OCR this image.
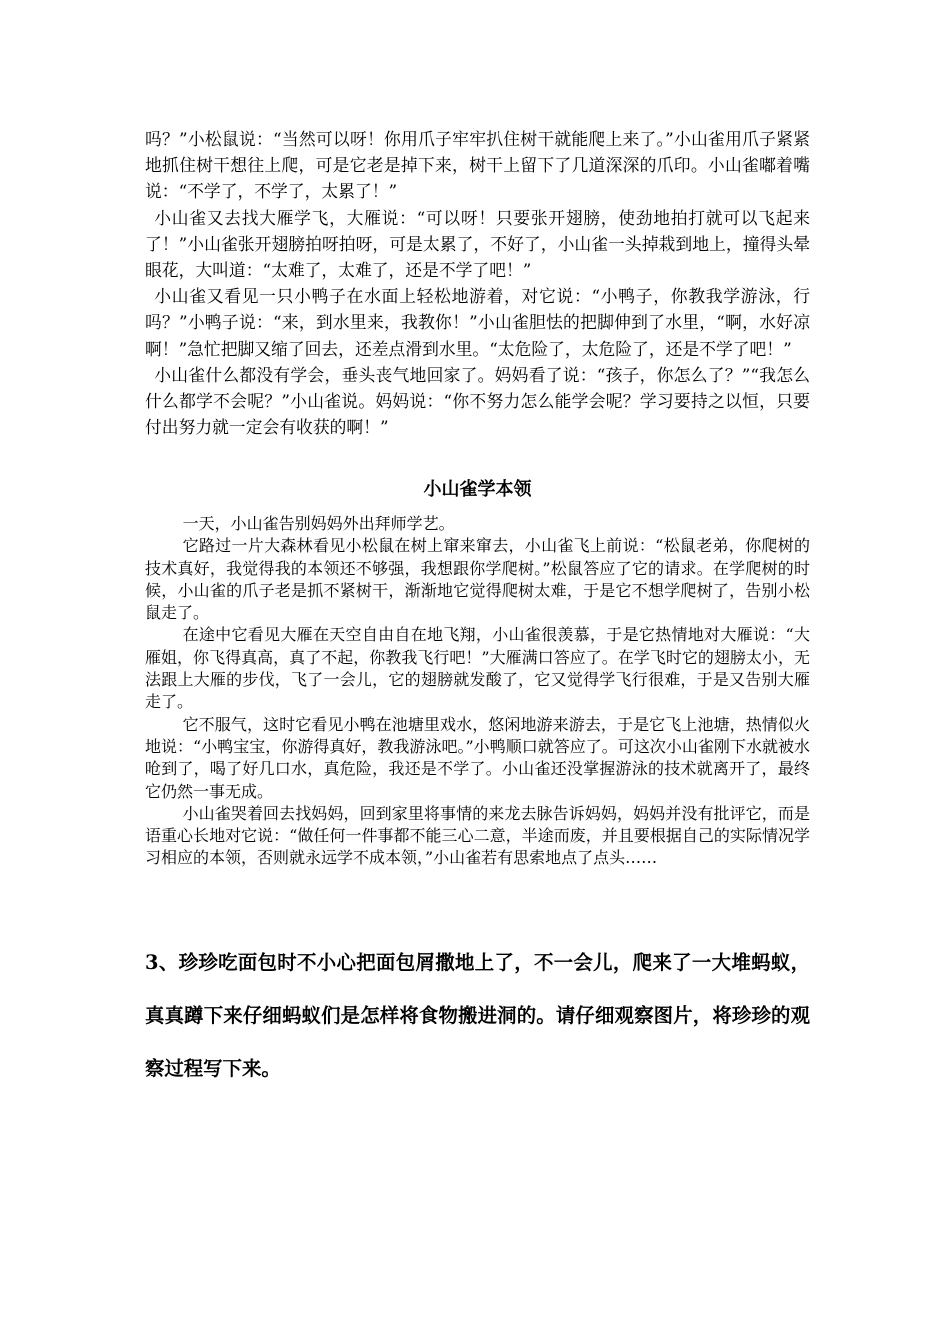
吗？”小松鼠说：“当然可以呀！你用爪子牢牢扒住树干就能爬上来了。”小山雀用爪子紧紧地抓住树干想往上爬，可是它老是掉下来，树干上留下了几道深深的爪印。小山雀嘟着嘴说：“不学了，不学了，太累了！”

小山雀又去找大雁学飞，大雁说：“可以呀！只要张开翅膀，使劲地拍打就可以飞起来了！”小山雀张开翅膀拍呀拍呀，可是太累了，不好了，小山雀一头掉栽到地上，撞得头晕眼花，大叫道：“太难了，太难了，还是不学了吧！”

小山雀又看见一只小鸭子在水面上轻松地游着，对它说：“小鸭子，你教我学游泳，行吗？”小鸭子说：“来，到水里来，我教你！”小山雀胆怯的把脚伸到了水里，“啊，水好凉啊！”急忙把脚又缩了回去，还差点滑到水里。“太危险了，太危险了，还是不学了吧！”

小山雀什么都没有学会，垂头丧气地回家了。妈妈看了说：“孩子，你怎么了？”“我怎么什么都学不会呢？”小山雀说。妈妈说：“你不努力怎么能学会呢？学习要持之以恒，只要付出努力就一定会有收获的啊！”

小山雀学本领

一天，小山雀告别妈妈外出拜师学艺。

它路过一片大森林看见小松鼠在树上窜来窜去，小山雀飞上前说：“松鼠老弟，你爬树的技术真好，我觉得我的本领还不够强，我想跟你学爬树。”松鼠答应了它的请求。在学爬树的时候，小山雀的爪子老是抓不紧树干，渐渐地它觉得爬树太难，于是它不想学爬树了，告别小松鼠走了。

在途中它看见大雁在天空自由自在地飞翔，小山雀很羡慕，于是它热情地对大雁说：“大雁姐，你飞得真高，真了不起，你教我飞行吧！”大雁满口答应了。在学飞时它的翅膀太小，无法跟上大雁的步伐，飞了一会儿，它的翅膀就发酸了，它又觉得学飞行很难，于是又告别大雁走了。

它不服气，这时它看见小鸭在池塘里戏水，悠闲地游来游去，于是它飞上池塘，热情似火地说：“小鸭宝宝，你游得真好，教我游泳吧。”小鸭顺口就答应了。可这次小山雀刚下水就被水呛到了，喝了好几口水，真危险，我还是不学了。小山雀还没掌握游泳的技术就离开了，最终它仍然一事无成。

小山雀哭着回去找妈妈，回到家里将事情的来龙去脉告诉妈妈，妈妈并没有批评它，而是语重心长地对它说：“做任何一件事都不能三心二意，半途而废，并且要根据自己的实际情况学习相应的本领，否则就永远学不成本领，”小山雀若有思索地点了点头……

3、珍珍吃面包时不小心把面包屑撒地上了，不一会儿，爬来了一大堆蚂蚁，真真蹲下来仔细蚂蚁们是怎样将食物搬进洞的。请仔细观察图片，将珍珍的观察过程写下来。
